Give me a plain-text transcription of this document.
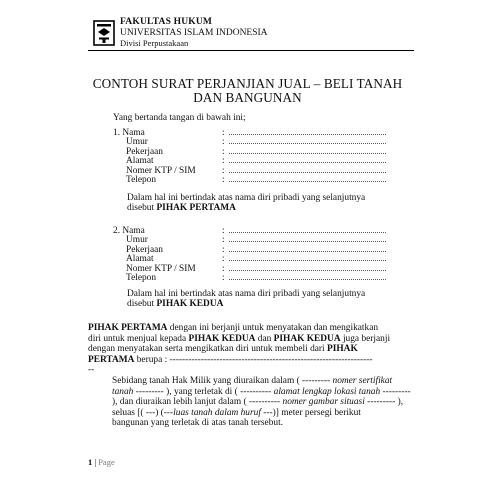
FAKULTAS HUKUM
UNIVERSITAS ISLAM INDONESIA
Divisi Perpustakaan
CONTOH SURAT PERJANJIAN JUAL – BELI TANAH
DAN BANGUNAN
Yang bertanda tangan di bawah ini;
1. Nama	:
Umur	:
Pekerjaan	:
Alamat	:
Nomer KTP / SIM	:
Telepon	:
Dalam hal ini bertindak atas nama diri pribadi yang selanjutnya
disebut PIHAK PERTAMA
2. Nama	:
Umur	:
Pekerjaan	:
Alamat	:
Nomer KTP / SIM	:
Telepon	:
Dalam hal ini bertindak atas nama diri pribadi yang selanjutnya
disebut PIHAK KEDUA
PIHAK PERTAMA dengan ini berjanji untuk menyatakan dan mengikatkan
diri untuk menjual kepada PIHAK KEDUA dan PIHAK KEDUA juga berjanji
dengan menyatakan serta mengikatkan diri untuk membeli dari PIHAK
PERTAMA berupa : -----------------------------------------------------------------
--
Sebidang tanah Hak Milik yang diuraikan dalam ( --------- nomer sertifikat
tanah --------- ), yang terletak di ( ---------- alamat lengkap lokasi tanah ---------
), dan diuraikan lebih lanjut dalam ( ---------- nomer gambar situasi --------- ),
seluas [( ---) (---luas tanah dalam huruf ---)] meter persegi berikut
bangunan yang terletak di atas tanah tersebut.
1 | Page
